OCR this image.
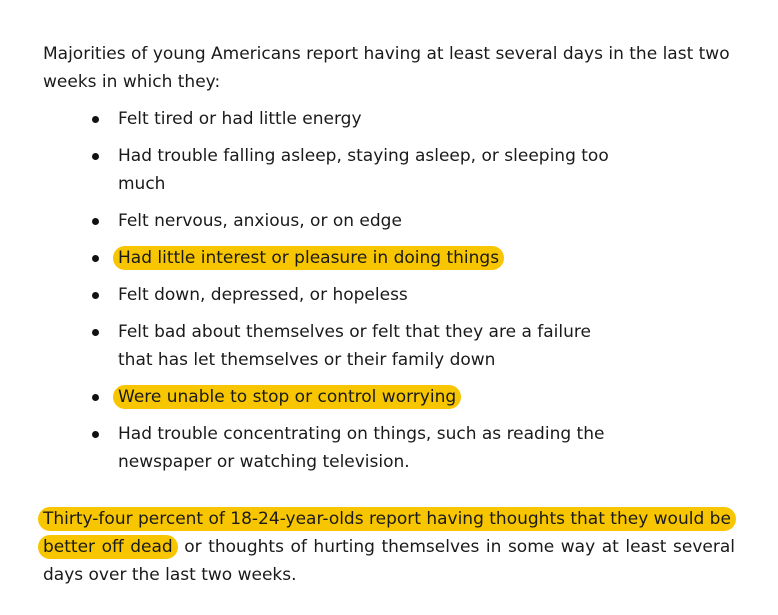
Majorities of young Americans report having at least several days in the last two weeks in which they:

Felt tired or had little energy
Had trouble falling asleep, staying asleep, or sleeping too much
Felt nervous, anxious, or on edge
Had little interest or pleasure in doing things
Felt down, depressed, or hopeless
Felt bad about themselves or felt that they are a failure that has let themselves or their family down
Were unable to stop or control worrying
Had trouble concentrating on things, such as reading the newspaper or watching television.

Thirty-four percent of 18-24-year-olds report having thoughts that they would be better off dead or thoughts of hurting themselves in some way at least several days over the last two weeks.
